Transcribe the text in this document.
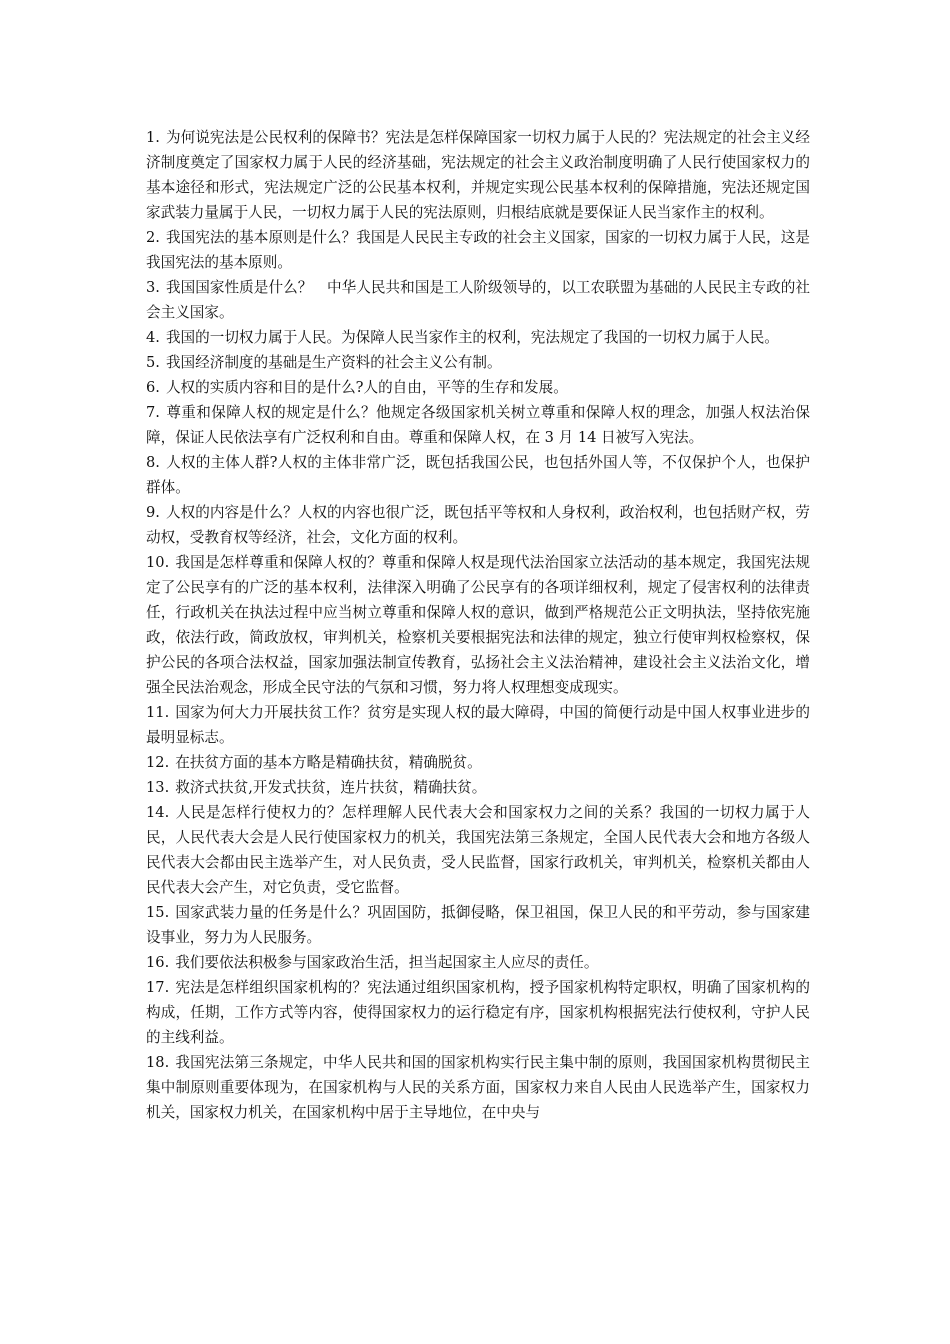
1. 为何说宪法是公民权利的保障书？宪法是怎样保障国家一切权力属于人民的？宪法规定的社会主义经济制度奠定了国家权力属于人民的经济基础，宪法规定的社会主义政治制度明确了人民行使国家权力的基本途径和形式，宪法规定广泛的公民基本权利，并规定实现公民基本权利的保障措施，宪法还规定国家武装力量属于人民，一切权力属于人民的宪法原则，归根结底就是要保证人民当家作主的权利。

2. 我国宪法的基本原则是什么？我国是人民民主专政的社会主义国家，国家的一切权力属于人民，这是我国宪法的基本原则。

3. 我国国家性质是什么？　中华人民共和国是工人阶级领导的，以工农联盟为基础的人民民主专政的社会主义国家。

4. 我国的一切权力属于人民。为保障人民当家作主的权利，宪法规定了我国的一切权力属于人民。

5. 我国经济制度的基础是生产资料的社会主义公有制。

6. 人权的实质内容和目的是什么?人的自由，平等的生存和发展。

7. 尊重和保障人权的规定是什么？他规定各级国家机关树立尊重和保障人权的理念，加强人权法治保障，保证人民依法享有广泛权利和自由。尊重和保障人权，在 3 月 14 日被写入宪法。

8. 人权的主体人群?人权的主体非常广泛，既包括我国公民，也包括外国人等，不仅保护个人，也保护群体。

9. 人权的内容是什么？人权的内容也很广泛，既包括平等权和人身权利，政治权利，也包括财产权，劳动权，受教育权等经济，社会，文化方面的权利。

10. 我国是怎样尊重和保障人权的？尊重和保障人权是现代法治国家立法活动的基本规定，我国宪法规定了公民享有的广泛的基本权利，法律深入明确了公民享有的各项详细权利，规定了侵害权利的法律责任，行政机关在执法过程中应当树立尊重和保障人权的意识，做到严格规范公正文明执法，坚持依宪施政，依法行政，简政放权，审判机关，检察机关要根据宪法和法律的规定，独立行使审判权检察权，保护公民的各项合法权益，国家加强法制宣传教育，弘扬社会主义法治精神，建设社会主义法治文化，增强全民法治观念，形成全民守法的气氛和习惯，努力将人权理想变成现实。

11. 国家为何大力开展扶贫工作？贫穷是实现人权的最大障碍，中国的简便行动是中国人权事业进步的最明显标志。

12. 在扶贫方面的基本方略是精确扶贫，精确脱贫。

13. 救济式扶贫,开发式扶贫，连片扶贫，精确扶贫。

14. 人民是怎样行使权力的？怎样理解人民代表大会和国家权力之间的关系？我国的一切权力属于人民，人民代表大会是人民行使国家权力的机关，我国宪法第三条规定，全国人民代表大会和地方各级人民代表大会都由民主选举产生，对人民负责，受人民监督，国家行政机关，审判机关，检察机关都由人民代表大会产生，对它负责，受它监督。

15. 国家武装力量的任务是什么？巩固国防，抵御侵略，保卫祖国，保卫人民的和平劳动，参与国家建设事业，努力为人民服务。

16. 我们要依法积极参与国家政治生活，担当起国家主人应尽的责任。

17. 宪法是怎样组织国家机构的？宪法通过组织国家机构，授予国家机构特定职权，明确了国家机构的构成，任期，工作方式等内容，使得国家权力的运行稳定有序，国家机构根据宪法行使权利，守护人民的主线利益。

18. 我国宪法第三条规定，中华人民共和国的国家机构实行民主集中制的原则，我国国家机构贯彻民主集中制原则重要体现为，在国家机构与人民的关系方面，国家权力来自人民由人民选举产生，国家权力机关，国家权力机关，在国家机构中居于主导地位，在中央与
